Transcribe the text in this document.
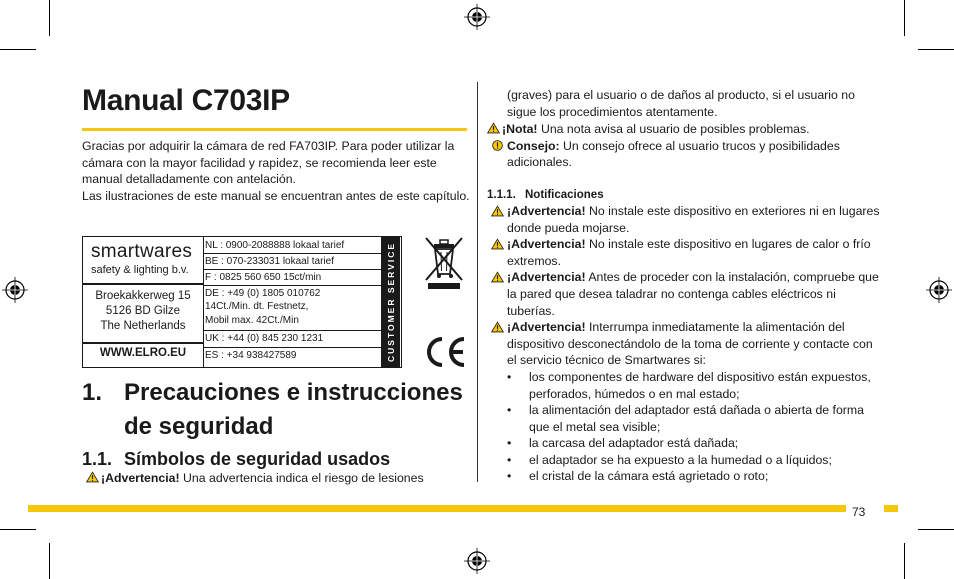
Manual C703IP

Gracias por adquirir la cámara de red FA703IP. Para poder utilizar la cámara con la mayor facilidad y rapidez, se recomienda leer este manual detalladamente con antelación.

Las ilustraciones de este manual se encuentran antes de este capítulo.

smartwares
safety & lighting b.v.
Broekakkerweg 15
5126 BD Gilze
The Netherlands
WWW.ELRO.EU
NL : 0900-2088888 lokaal tarief
BE : 070-233031 lokaal tarief
F : 0825 560 650 15ct/min
DE : +49 (0) 1805 010762
14Ct./Min. dt. Festnetz,
Mobil max. 42Ct./Min
UK : +44 (0) 845 230 1231
ES : +34 938427589	CUSTOMER SERVICE
1. Precauciones e instrucciones de seguridad
1.1. Símbolos de seguridad usados
¡Advertencia! Una advertencia indica el riesgo de lesiones
(graves) para el usuario o de daños al producto, si el usuario no sigue los procedimientos atentamente.
¡Nota! Una nota avisa al usuario de posibles problemas.
Consejo: Un consejo ofrece al usuario trucos y posibilidades adicionales.
1.1.1. Notificaciones
¡Advertencia! No instale este dispositivo en exteriores ni en lugares donde pueda mojarse.
¡Advertencia! No instale este dispositivo en lugares de calor o frío extremos.
¡Advertencia! Antes de proceder con la instalación, compruebe que la pared que desea taladrar no contenga cables eléctricos ni tuberías.
¡Advertencia! Interrumpa inmediatamente la alimentación del dispositivo desconectándolo de la toma de corriente y contacte con el servicio técnico de Smartwares si:
• los componentes de hardware del dispositivo están expuestos, perforados, húmedos o en mal estado;
• la alimentación del adaptador está dañada o abierta de forma que el metal sea visible;
• la carcasa del adaptador está dañada;
• el adaptador se ha expuesto a la humedad o a líquidos;
• el cristal de la cámara está agrietado o roto;
73
